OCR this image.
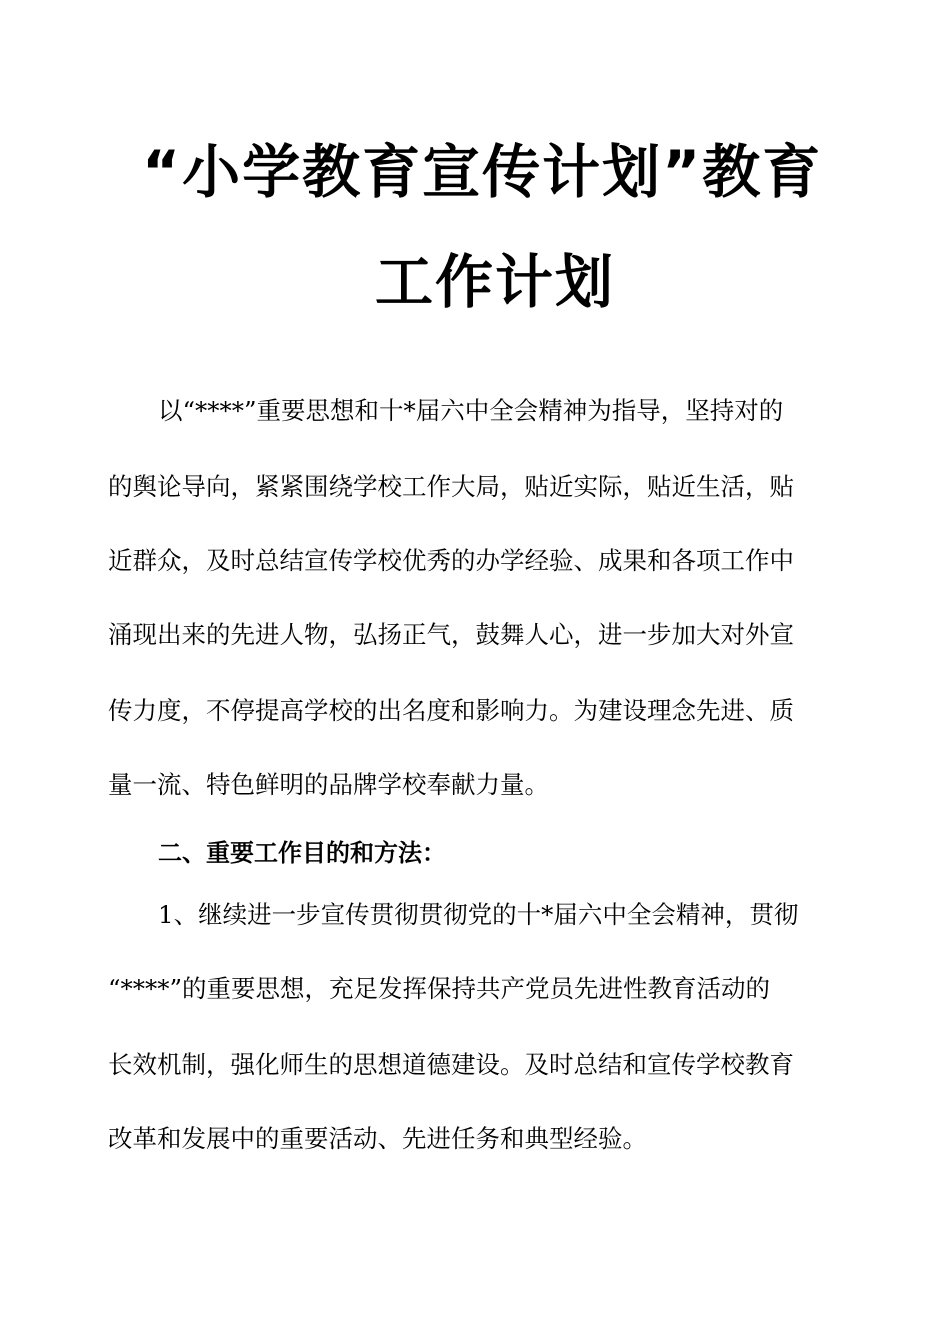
“小学教育宣传计划”教育
工作计划
以“****”重要思想和十*届六中全会精神为指导，坚持对的
的舆论导向，紧紧围绕学校工作大局，贴近实际，贴近生活，贴
近群众，及时总结宣传学校优秀的办学经验、成果和各项工作中
涌现出来的先进人物，弘扬正气，鼓舞人心，进一步加大对外宣
传力度，不停提高学校的出名度和影响力。为建设理念先进、质
量一流、特色鲜明的品牌学校奉献力量。
二、重要工作目的和方法：
1、继续进一步宣传贯彻贯彻党的十*届六中全会精神，贯彻
“****”的重要思想，充足发挥保持共产党员先进性教育活动的
长效机制，强化师生的思想道德建设。及时总结和宣传学校教育
改革和发展中的重要活动、先进任务和典型经验。
